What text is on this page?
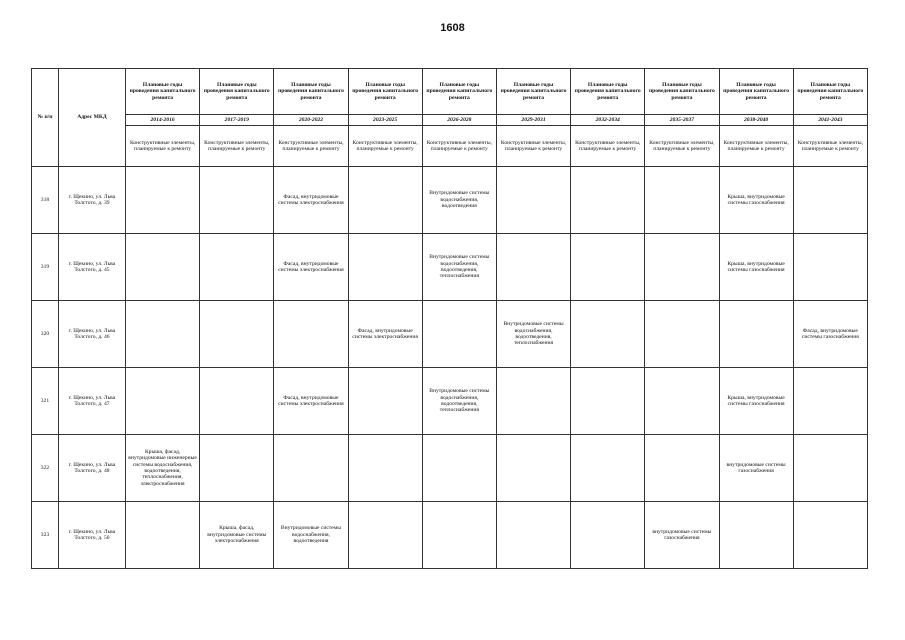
1608
№ п/п	Адрес МКД	Плановые годы проведения капитального ремонта	Плановые годы проведения капитального ремонта	Плановые годы проведения капитального ремонта	Плановые годы проведения капитального ремонта	Плановые годы проведения капитального ремонта	Плановые годы проведения капитального ремонта	Плановые годы проведения капитального ремонта	Плановые годы проведения капитального ремонта	Плановые годы проведения капитального ремонта	Плановые годы проведения капитального ремонта
		2014-2016	2017-2019	2020-2022	2023-2025	2026-2028	2029-2031	2032-2034	2035-2037	2038-2040	2041-2043
		Конструктивные элементы, планируемые к ремонту	Конструктивные элементы, планируемые к ремонту	Конструктивные элементы, планируемые к ремонту	Конструктивные элементы, планируемые к ремонту	Конструктивные элементы, планируемые к ремонту	Конструктивные элементы, планируемые к ремонту	Конструктивные элементы, планируемые к ремонту	Конструктивные элементы, планируемые к ремонту	Конструктивные элементы, планируемые к ремонту	Конструктивные элементы, планируемые к ремонту
318	г. Щекино, ул. Льва Толстого, д. 39			Фасад, внутридомовые системы электроснабжения		Внутридомовые системы водоснабжения, водоотведения				Крыша, внутридомовые системы газоснабжения	
319	г. Щекино, ул. Льва Толстого, д. 45			Фасад, внутридомовые системы электроснабжения		Внутридомовые системы водоснабжения, водоотведения, теплоснабжения				Крыша, внутридомовые системы газоснабжения	
320	г. Щекино, ул. Льва Толстого, д. 46				Фасад, внутридомовые системы электроснабжения		Внутридомовые системы водоснабжения, водоотведения, теплоснабжения				Фасад, внутридомовые системы газоснабжения
321	г. Щекино, ул. Льва Толстого, д. 47			Фасад, внутридомовые системы электроснабжения		Внутридомовые системы водоснабжения, водоотведения, теплоснабжения				Крыша, внутридомовые системы газоснабжения	
322	г. Щекино, ул. Льва Толстого, д. 48	Крыша, фасад, внутридомовые инженерные системы водоснабжения, водоотведения, теплоснабжения, электроснабжения								внутридомовые системы газоснабжения	
323	г. Щекино, ул. Льва Толстого, д. 50		Крыша, фасад, внутридомовые системы электроснабжения	Внутридомовые системы водоснабжения, водоотведения					внутридомовые системы газоснабжения		
